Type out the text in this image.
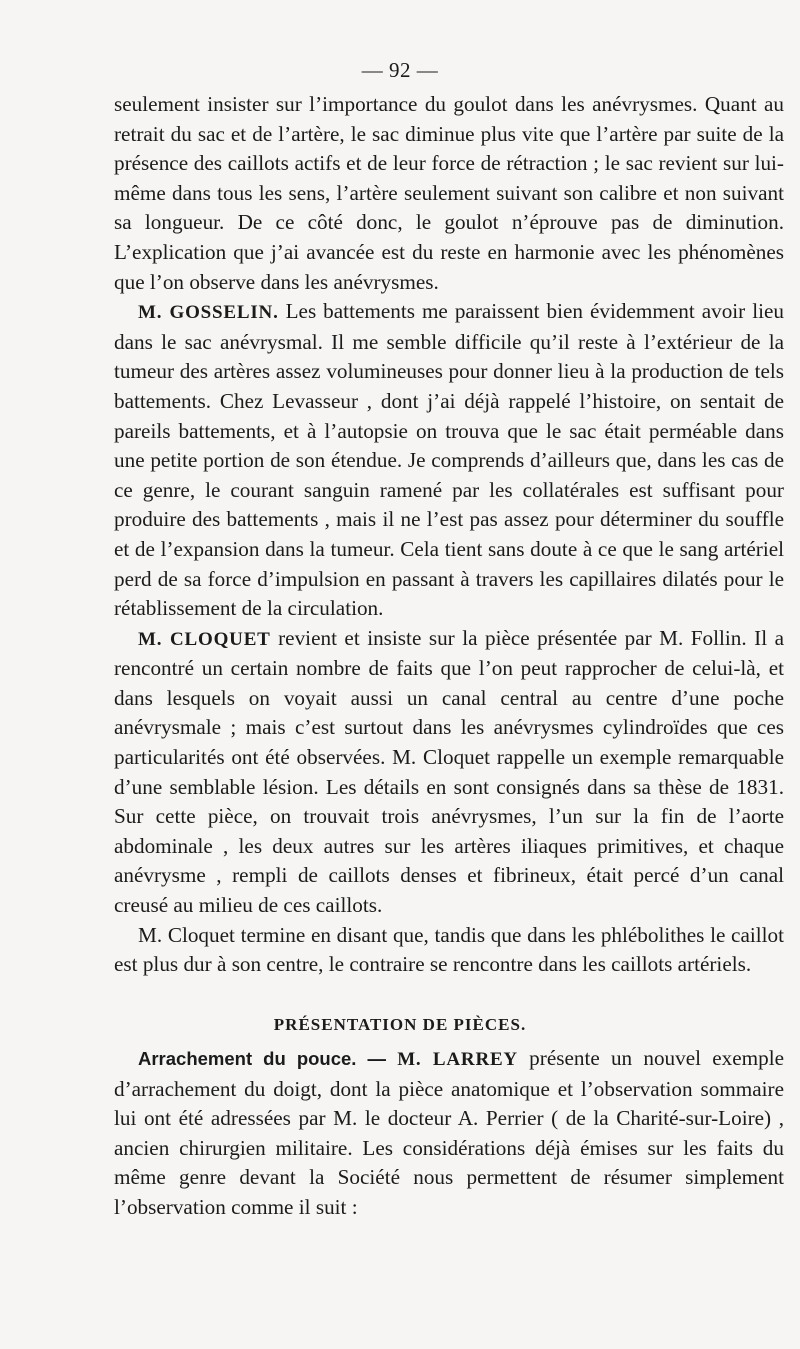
— 92 —

seulement insister sur l’importance du goulot dans les anévrysmes. Quant au retrait du sac et de l’artère, le sac diminue plus vite que l’artère par suite de la présence des caillots actifs et de leur force de rétraction ; le sac revient sur lui-même dans tous les sens, l’artère seulement suivant son calibre et non suivant sa longueur. De ce côté donc, le goulot n’éprouve pas de diminution. L’explication que j’ai avancée est du reste en harmonie avec les phénomènes que l’on observe dans les anévrysmes.

M. GOSSELIN. Les battements me paraissent bien évidemment avoir lieu dans le sac anévrysmal. Il me semble difficile qu’il reste à l’extérieur de la tumeur des artères assez volumineuses pour donner lieu à la production de tels battements. Chez Levasseur , dont j’ai déjà rappelé l’histoire, on sentait de pareils battements, et à l’autopsie on trouva que le sac était perméable dans une petite portion de son étendue. Je comprends d’ailleurs que, dans les cas de ce genre, le courant sanguin ramené par les collatérales est suffisant pour produire des battements , mais il ne l’est pas assez pour déterminer du souffle et de l’expansion dans la tumeur. Cela tient sans doute à ce que le sang artériel perd de sa force d’impulsion en passant à travers les capillaires dilatés pour le rétablissement de la circulation.

M. CLOQUET revient et insiste sur la pièce présentée par M. Follin. Il a rencontré un certain nombre de faits que l’on peut rapprocher de celui-là, et dans lesquels on voyait aussi un canal central au centre d’une poche anévrysmale ; mais c’est surtout dans les anévrysmes cylindroïdes que ces particularités ont été observées. M. Cloquet rappelle un exemple remarquable d’une semblable lésion. Les détails en sont consignés dans sa thèse de 1831. Sur cette pièce, on trouvait trois anévrysmes, l’un sur la fin de l’aorte abdominale , les deux autres sur les artères iliaques primitives, et chaque anévrysme , rempli de caillots denses et fibrineux, était percé d’un canal creusé au milieu de ces caillots.

M. Cloquet termine en disant que, tandis que dans les phlébolithes le caillot est plus dur à son centre, le contraire se rencontre dans les caillots artériels.

PRÉSENTATION DE PIÈCES.

Arrachement du pouce. — M. LARREY présente un nouvel exemple d’arrachement du doigt, dont la pièce anatomique et l’observation sommaire lui ont été adressées par M. le docteur A. Perrier ( de la Charité-sur-Loire) , ancien chirurgien militaire. Les considérations déjà émises sur les faits du même genre devant la Société nous permettent de résumer simplement l’observation comme il suit :
